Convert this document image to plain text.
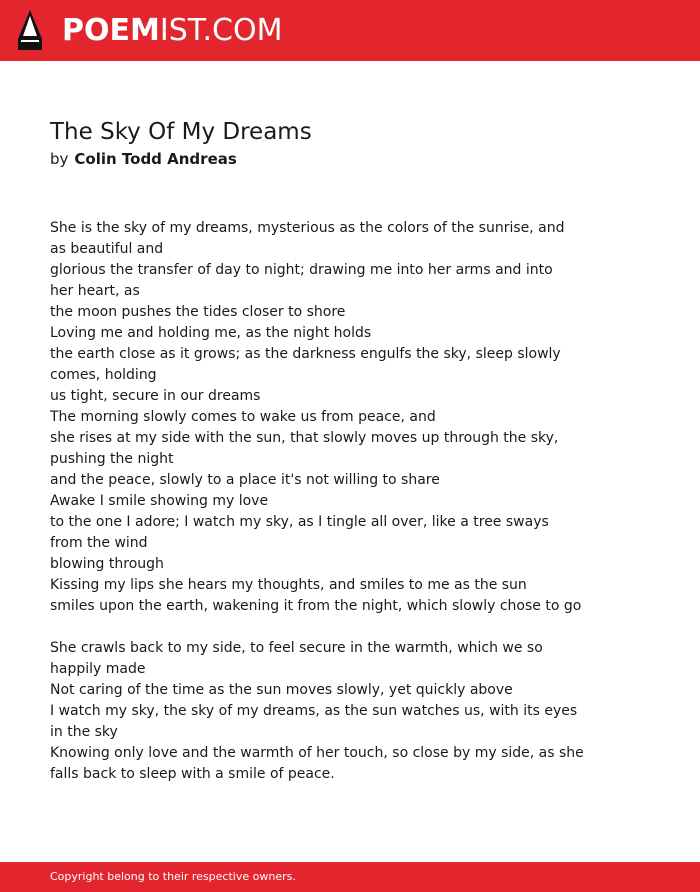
POEMIST.COM
The Sky Of My Dreams
by Colin Todd Andreas
She is the sky of my dreams, mysterious as the colors of the sunrise, and
as beautiful and
glorious the transfer of day to night; drawing me into her arms and into
her heart, as
the moon pushes the tides closer to shore
Loving me and holding me, as the night holds
the earth close as it grows; as the darkness engulfs the sky, sleep slowly
comes, holding
us tight, secure in our dreams
The morning slowly comes to wake us from peace, and
she rises at my side with the sun, that slowly moves up through the sky,
pushing the night
and the peace, slowly to a place it's not willing to share
Awake I smile showing my love
to the one I adore; I watch my sky, as I tingle all over, like a tree sways
from the wind
blowing through
Kissing my lips she hears my thoughts, and smiles to me as the sun
smiles upon the earth, wakening it from the night, which slowly chose to go
She crawls back to my side, to feel secure in the warmth, which we so
happily made
Not caring of the time as the sun moves slowly, yet quickly above
I watch my sky, the sky of my dreams, as the sun watches us, with its eyes
in the sky
Knowing only love and the warmth of her touch, so close by my side, as she
falls back to sleep with a smile of peace.
Copyright belong to their respective owners.
